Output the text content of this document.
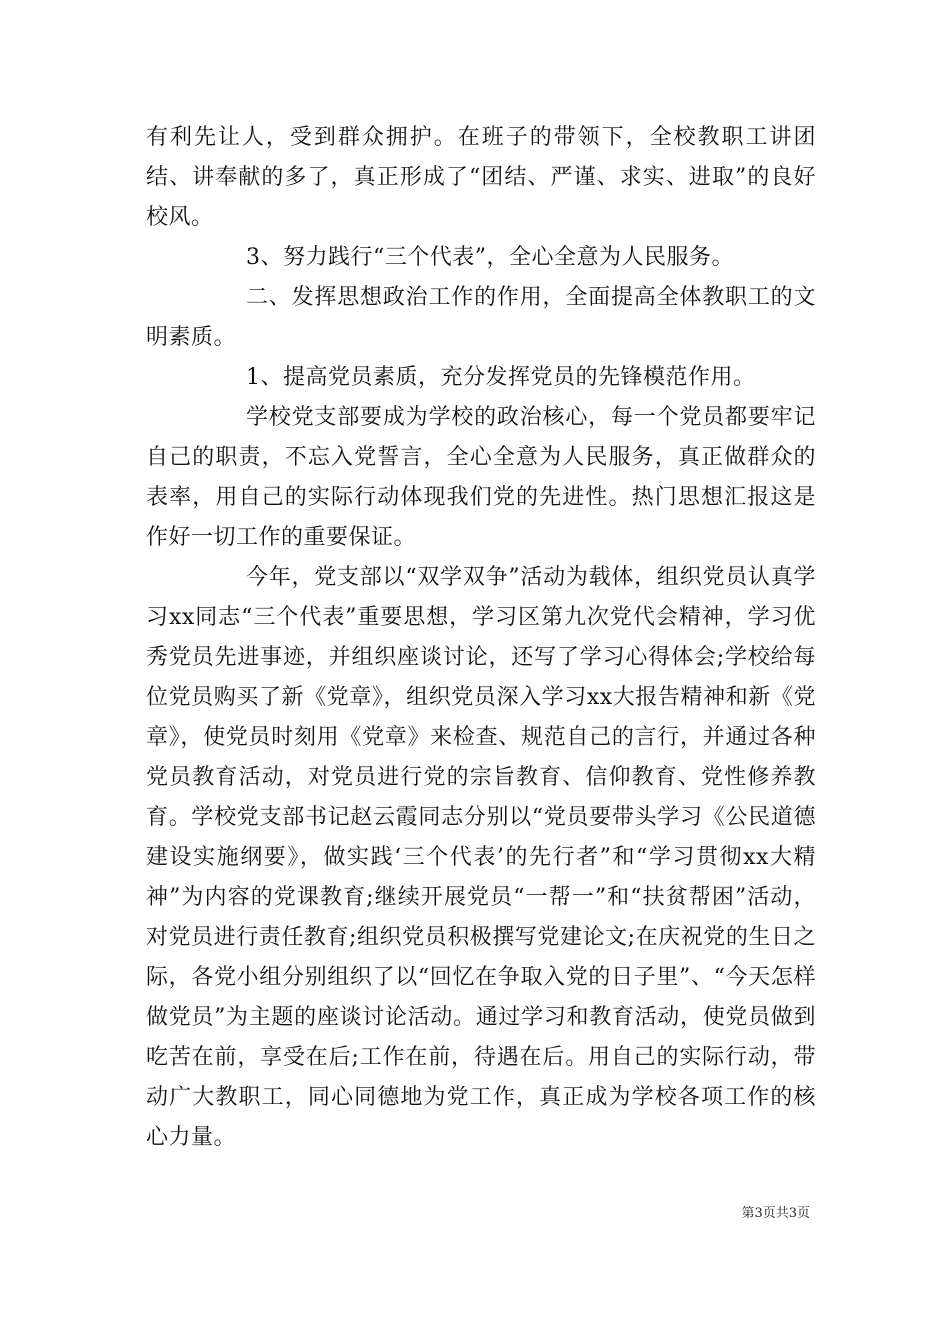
有利先让人，受到群众拥护。在班子的带领下，全校教职工讲团结、讲奉献的多了，真正形成了“团结、严谨、求实、进取”的良好校风。

3、努力践行“三个代表”，全心全意为人民服务。

二、发挥思想政治工作的作用，全面提高全体教职工的文明素质。

1、提高党员素质，充分发挥党员的先锋模范作用。

学校党支部要成为学校的政治核心，每一个党员都要牢记自己的职责，不忘入党誓言，全心全意为人民服务，真正做群众的表率，用自己的实际行动体现我们党的先进性。热门思想汇报这是作好一切工作的重要保证。

今年，党支部以“双学双争”活动为载体，组织党员认真学习xx同志“三个代表”重要思想，学习区第九次党代会精神，学习优秀党员先进事迹，并组织座谈讨论，还写了学习心得体会;学校给每位党员购买了新《党章》，组织党员深入学习xx大报告精神和新《党章》，使党员时刻用《党章》来检查、规范自己的言行，并通过各种党员教育活动，对党员进行党的宗旨教育、信仰教育、党性修养教育。学校党支部书记赵云霞同志分别以“党员要带头学习《公民道德建设实施纲要》，做实践‘三个代表’的先行者”和“学习贯彻xx大精神”为内容的党课教育;继续开展党员“一帮一”和“扶贫帮困”活动，对党员进行责任教育;组织党员积极撰写党建论文;在庆祝党的生日之际，各党小组分别组织了以“回忆在争取入党的日子里”、“今天怎样做党员”为主题的座谈讨论活动。通过学习和教育活动，使党员做到吃苦在前，享受在后;工作在前，待遇在后。用自己的实际行动，带动广大教职工，同心同德地为党工作，真正成为学校各项工作的核心力量。

第3页共3页
